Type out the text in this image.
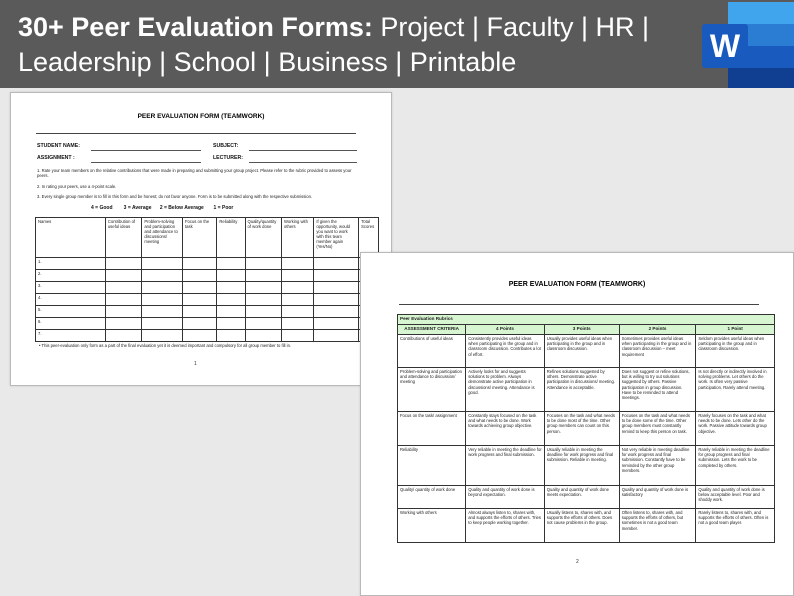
30+ Peer Evaluation Forms: Project | Faculty | HR | Leadership | School | Business | Printable	W
PEER EVALUATION FORM (TEAMWORK)
STUDENT NAME:	SUBJECT:
ASSIGNMENT :	LECTURER:
1. Rate your team members on the relative contributions that were made in preparing and submitting your group project. Please refer to the rubric provided to assess your peers.
2. In rating your peers, use a 4-point scale.
3. Every single group member is to fill in this form and be honest; do not favor anyone. Form is to be submitted along with the respective submission.
4 = Good        3 = Average      2 = Below Average       1 = Poor
Names	Contribution of useful ideas	Problem-solving and participation and attendance to discussions/ meeting	Focus on the task	Reliability	Quality/quantity of work done	Working with others	If given the opportunity, would you want to work with this team member again (Yes/No)	Total Scores
1.								
2.								
3.								
4.								
5.								
6.								
7.								
• This peer-evaluation only form as a part of the final evaluation yet it is deemed important and compulsory for all group member to fill in.
1
PEER EVALUATION FORM (TEAMWORK)
Peer Evaluation Rubrics				
ASSESSMENT CRITERIA	4 Points	3 Points	2 Points	1 Point
Contributions of useful ideas	Consistently provides useful ideas when participating in the group and in classroom discussion. Contributes a lot of effort.	Usually provides useful ideas when participating in the group and in classroom discussion.	Sometimes provides useful ideas when participating in the group and in classroom discussion – meet requirement	Seldom provides useful ideas when participating in the group and in classroom discussion.
Problem-solving and participation and attendance to discussion/ meeting	Actively looks for and suggests solutions to problem. Always demonstrate active participation in discussions/ meeting. Attendance is good.	Refines solutions suggested by others. Demonstrate active participation in discussions/ meeting. Attendance is acceptable.	Does not suggest or refine solutions, but is willing to try out solutions suggested by others. Passive participation in group discussion. Have to be reminded to attend meetings.	Is not directly or indirectly involved in solving problems. Let others do the work. Is often very passive participation. Rarely attend meeting.
Focus on the task/ assignment	Constantly stays focused on the task and what needs to be done. Work towards achieving group objective.	Focuses on the task and what needs to be done most of the time. Other group members can count on this person.	Focuses on the task and what needs to be done some of the time. Other group members must constantly remind to keep this person on task.	Rarely focuses on the task and what needs to be done. Lets other do the work. Passive attitude towards group objective.
Reliability	Very reliable in meeting the deadline for work progress and final submission.	Usually reliable in meeting the deadline for work progress and final submission. Reliable in meeting.	Not very reliable in meeting deadline for work progress and final submission. Constantly have to be reminded by the other group members.	Rarely reliable in meeting the deadline for group progress and final submission. Lets the work to be completed by others.
Quality/ quantity of work done	Quality and quantity of work done is beyond expectation.	Quality and quantity of work done meets expectation.	Quality and quantity of work done is satisfactory	Quality and quantity of work done is below acceptable level. Poor and shoddy work.
Working with others	Almost always listen to, shares with, and supports the efforts of others. Tries to keep people working together.	Usually listens to, shares with, and supports the efforts of others. Does not cause problems in the group.	Often listens to, shares with, and supports the efforts of others, but sometimes is not a good team member.	Rarely listens to, shares with, and supports the efforts of others. Often is not a good team player.
2
